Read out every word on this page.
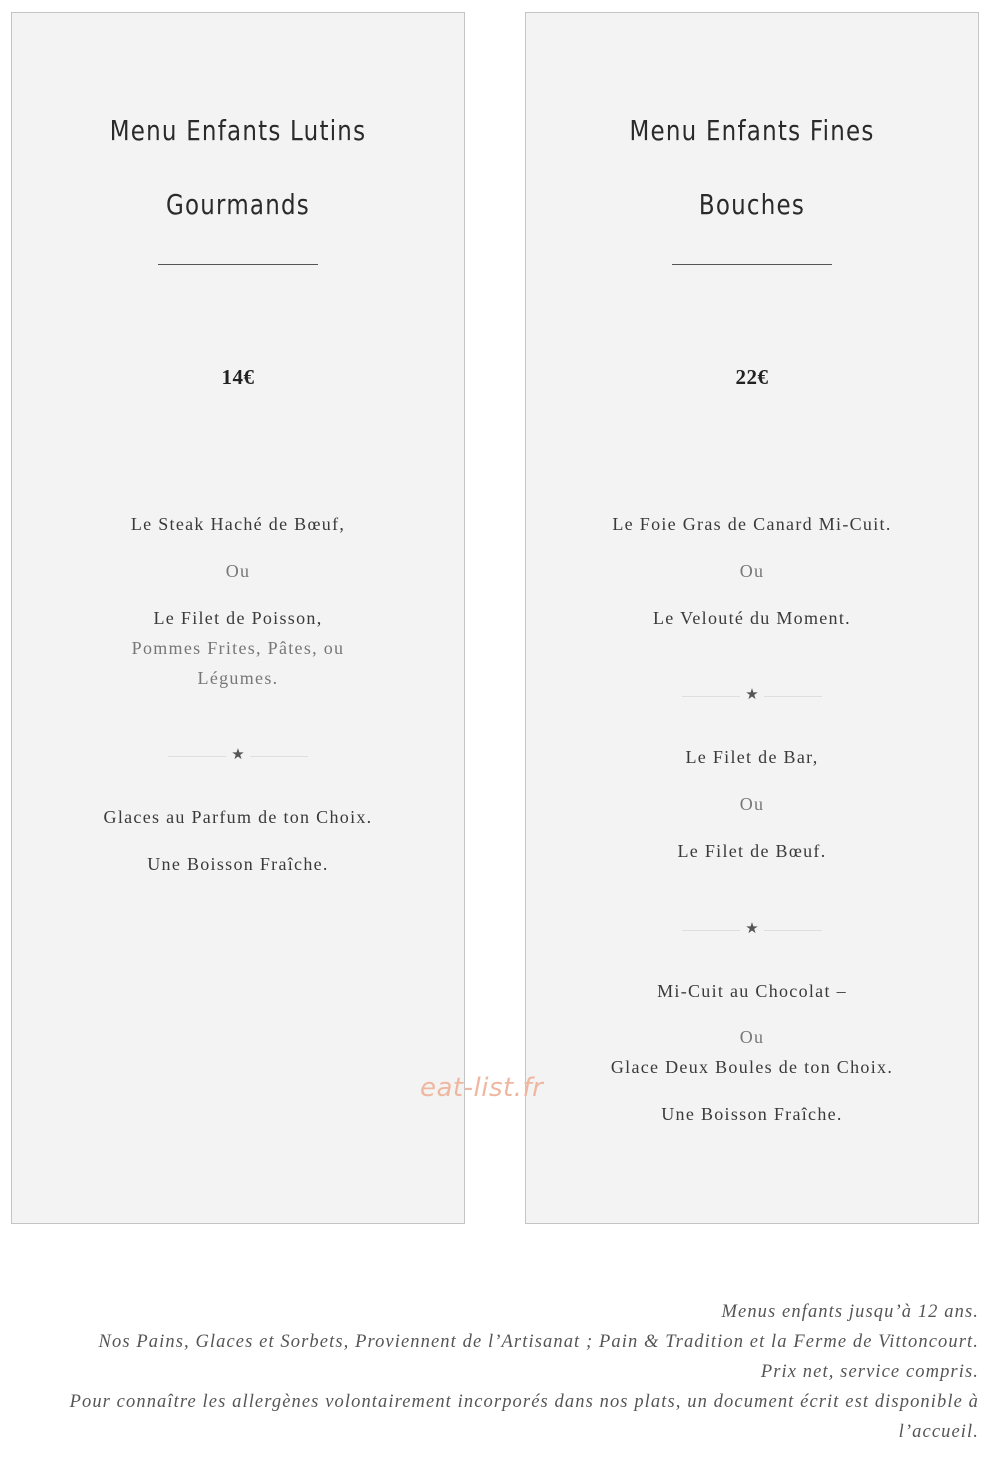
Menu Enfants Lutins
Gourmands
14€
Le Steak Haché de Bœuf,
Ou
Le Filet de Poisson,
Pommes Frites, Pâtes, ou
Légumes.
★
Glaces au Parfum de ton Choix.
Une Boisson Fraîche.
Menu Enfants Fines
Bouches
22€
Le Foie Gras de Canard Mi-Cuit.
Ou
Le Velouté du Moment.
★
Le Filet de Bar,
Ou
Le Filet de Bœuf.
★
Mi-Cuit au Chocolat –
Ou
Glace Deux Boules de ton Choix.
Une Boisson Fraîche.
eat-list.fr
Menus enfants jusqu’à 12 ans.
Nos Pains, Glaces et Sorbets, Proviennent de l’Artisanat ; Pain & Tradition et la Ferme de Vittoncourt.
Prix net, service compris.
Pour connaître les allergènes volontairement incorporés dans nos plats, un document écrit est disponible à
l’accueil.
